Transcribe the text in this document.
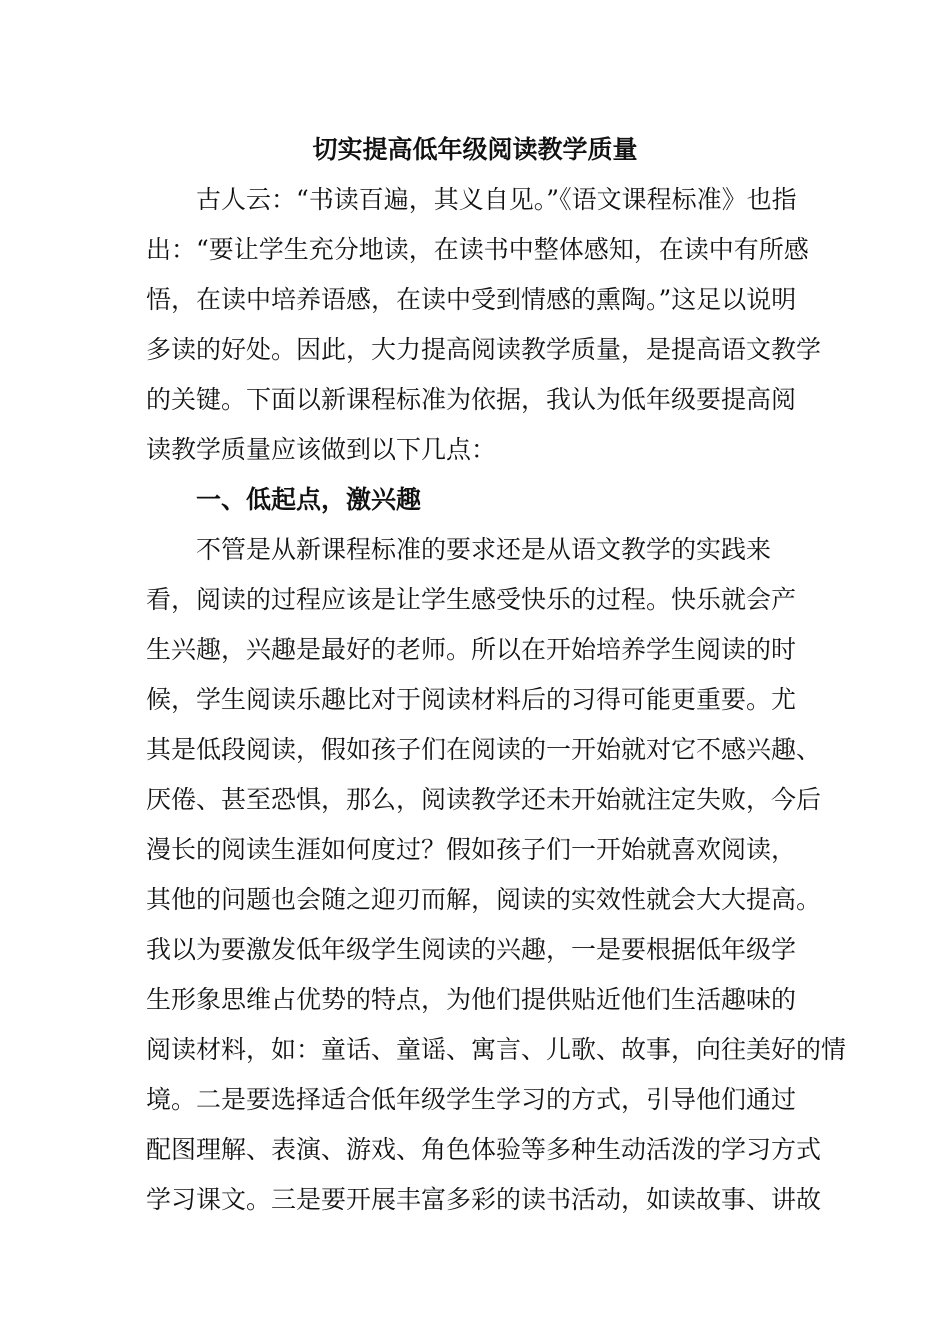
切实提高低年级阅读教学质量

古人云：“书读百遍，其义自见。”《语文课程标准》也指

出：“要让学生充分地读，在读书中整体感知，在读中有所感

悟，在读中培养语感，在读中受到情感的熏陶。”这足以说明

多读的好处。因此，大力提高阅读教学质量，是提高语文教学

的关键。下面以新课程标准为依据，我认为低年级要提高阅

读教学质量应该做到以下几点：

一、低起点，激兴趣

不管是从新课程标准的要求还是从语文教学的实践来

看，阅读的过程应该是让学生感受快乐的过程。快乐就会产

生兴趣，兴趣是最好的老师。所以在开始培养学生阅读的时

候，学生阅读乐趣比对于阅读材料后的习得可能更重要。尤

其是低段阅读，假如孩子们在阅读的一开始就对它不感兴趣、

厌倦、甚至恐惧，那么，阅读教学还未开始就注定失败，今后

漫长的阅读生涯如何度过？假如孩子们一开始就喜欢阅读，

其他的问题也会随之迎刃而解，阅读的实效性就会大大提高。

我以为要激发低年级学生阅读的兴趣，一是要根据低年级学

生形象思维占优势的特点，为他们提供贴近他们生活趣味的

阅读材料，如：童话、童谣、寓言、儿歌、故事，向往美好的情

境。二是要选择适合低年级学生学习的方式，引导他们通过

配图理解、表演、游戏、角色体验等多种生动活泼的学习方式

学习课文。三是要开展丰富多彩的读书活动，如读故事、讲故
